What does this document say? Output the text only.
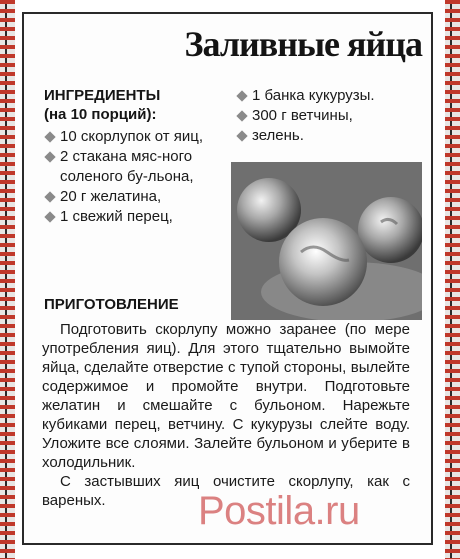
Заливные яйца
ИНГРЕДИЕНТЫ
(на 10 порций):
10 скорлупок от яиц,
2 стакана мяс-ного соленого бу-льона,
20 г желатина,
1 свежий перец,
1 банка кукурузы.
300 г ветчины,
зелень.
ПРИГОТОВЛЕНИЕ

Подготовить скорлупу можно заранее (по мере употребления яиц). Для этого тщательно вымойте яйца, сделайте отверстие с тупой стороны, вылейте содержимое и промойте внутри. Подготовьте желатин и смешайте с бульоном. Нарежьте кубиками перец, ветчину. С кукурузы слейте воду. Уложите все слоями. Залейте бульоном и уберите в холодильник.

С застывших яиц очистите скорлупу, как с вареных.	Postila.ru
